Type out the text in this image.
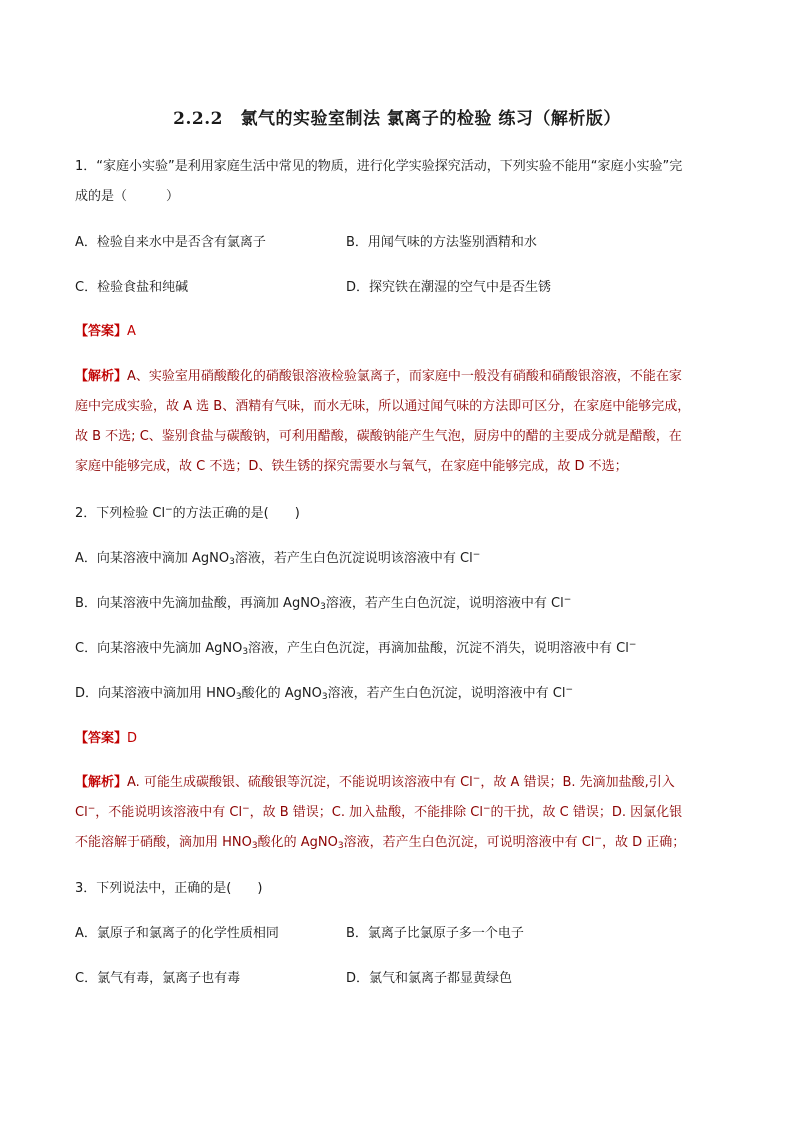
2.2.2　氯气的实验室制法 氯离子的检验 练习（解析版）
1．“家庭小实验”是利用家庭生活中常见的物质，进行化学实验探究活动，下列实验不能用“家庭小实验”完
成的是（　　　）
A．检验自来水中是否含有氯离子	B．用闻气味的方法鉴别酒精和水
C．检验食盐和纯碱	D．探究铁在潮湿的空气中是否生锈
【答案】A
【解析】A、实验室用硝酸酸化的硝酸银溶液检验氯离子，而家庭中一般没有硝酸和硝酸银溶液，不能在家
庭中完成实验，故 A 选 B、酒精有气味，而水无味，所以通过闻气味的方法即可区分，在家庭中能够完成，
故 B 不选; C、鉴别食盐与碳酸钠，可利用醋酸，碳酸钠能产生气泡，厨房中的醋的主要成分就是醋酸，在
家庭中能够完成，故 C 不选；D、铁生锈的探究需要水与氧气，在家庭中能够完成，故 D 不选；
2．下列检验 Cl−的方法正确的是(　　)
A．向某溶液中滴加 AgNO$_3$溶液，若产生白色沉淀说明该溶液中有 Cl−
B．向某溶液中先滴加盐酸，再滴加 AgNO$_3$溶液，若产生白色沉淀，说明溶液中有 Cl−
C．向某溶液中先滴加 AgNO$_3$溶液，产生白色沉淀，再滴加盐酸，沉淀不消失，说明溶液中有 Cl−
D．向某溶液中滴加用 $HNO_3$酸化的 AgNO$_3$溶液，若产生白色沉淀，说明溶液中有 Cl−
【答案】D
【解析】A. 可能生成碳酸银、硫酸银等沉淀，不能说明该溶液中有 Cl−，故 A 错误；B. 先滴加盐酸,引入
Cl−，不能说明该溶液中有 Cl−，故 B 错误；C. 加入盐酸，不能排除 Cl−的干扰，故 C 错误；D. 因氯化银
不能溶解于硝酸，滴加用 $HNO_3$酸化的 AgNO$_3$溶液，若产生白色沉淀，可说明溶液中有 Cl−，故 D 正确；
3．下列说法中，正确的是(　　)
A．氯原子和氯离子的化学性质相同	B．氯离子比氯原子多一个电子
C．氯气有毒，氯离子也有毒	D．氯气和氯离子都显黄绿色
